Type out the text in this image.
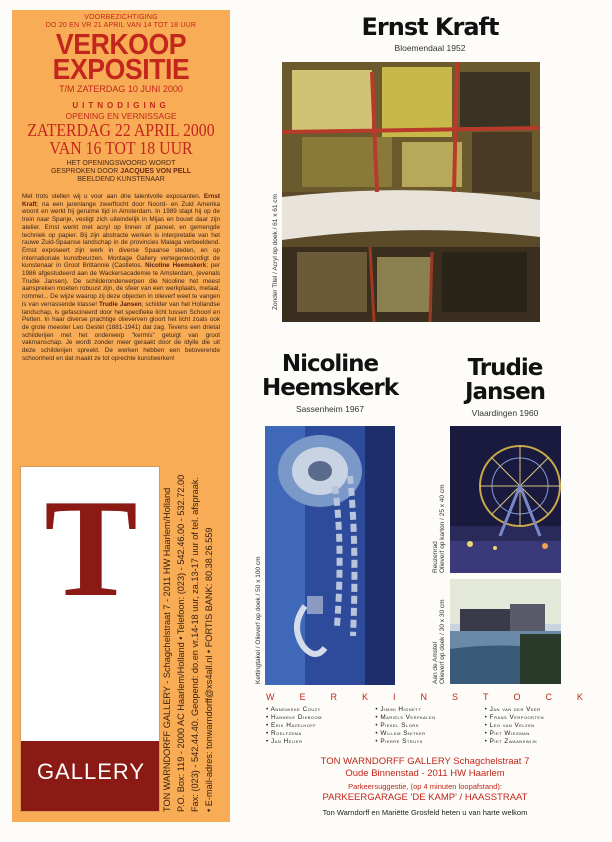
VOORBEZICHTIGING
DO 20 EN VR 21 APRIL VAN 14 TOT 18 UUR
VERKOOP
EXPOSITIE
T/M ZATERDAG 10 JUNI 2000
UITNODIGING
OPENING EN VERNISSAGE
ZATERDAG 22 APRIL 2000
VAN 16 TOT 18 UUR
HET OPENINGSWOORD WORDT
GESPROKEN DOOR JACQUES VON PELL
BEELDEND KUNSTENAAR
Met trots stellen wij u voor aan drie talentvolle exposanten. Ernst Kraft; na een jarenlange zwerftocht door Noord- en Zuid Amerika woont en werkt hij geruime tijd in Amsterdam. In 1989 stapt hij op de trein naar Spanje, vestigt zich uiteindelijk in Mijas en bouwt daar zijn atelier. Ernst werkt met acryl op linnen of paneel, en gemengde techniek op papier. Bij zijn abstracte werken is interpretatie van het rauwe Zuid-Spaanse landschap in de provincies Malaga verbeeldend. Ernst exposeert zijn werk in diverse Spaanse steden, en op internationale kunstbeurzen. Montage Gallery vertegenwoordigt de kunstenaar in Groot Brittannie (Castletos. Nicoline Heemskerk; per 1986 afgestudeerd aan de Wackersacademie te Amsterdam, (evenals Trudie Jansen). De schilderonderwerpen die Nicoline het meest aanspreken moeten robuust zijn, de sfeer van een werkplaats, metaal, rommel... De wijze waarop zij deze objecten in olieverf weet te vangen is van verrassende klasse! Trudie Jansen; schilder van het Hollandse landschap, is gefascineerd door het specifieke licht tussen Schoorl en Petten. In haar diverse prachtige olieverven gloort het licht zoals ook de grote meester Leo Gestel (1881-1941) dat zag. Tevens een drietal schilderijen met het onderwerp "kermis" getuigt van groot vakmanschap. Je wordt zonder meer geraakt door de idylle die uit deze schilderijen spreekt. De werken hebben een betoverende schoonheid en dat maakt ze tot oprechte kunstwerken!
T
GALLERY	TON WARNDORFF GALLERY - Schagchelstraat 7 - 2011 HW Haarlem/Holland P.O. Box: 119 - 2000 AC Haarlem/Holland • Telefoon: (023) - 542.46.00 - 532.72.00 Fax: (023) - 542.44.40. Geopend: do.en vr.14-18 uur, za.13-17 uur of tel. afspraak. • E-mail-adres: tonwarndorff@xs4all.nl • FORTIS BANK: 80.38.26.559
Ernst Kraft
Bloemendaal 1952
Zonder Titel / Acryl op doek / 61 x 61 cm
Nicoline
Heemskerk
Sassenheim 1967
Kettingtakel / Olieverf op doek / 50 x 100 cm
Trudie
Jansen
Vlaardingen 1960
Reuzenrad
Olieverf op karton / 25 x 40 cm
Aan de Amstel
Olieverf op doek / 30 x 30 cm
W	E	R	K	I	N	S	T	O	C	K
• Annemieke Couzy	• Jimini Hignett	• Jan van der Veer
• Hanneke Dikboom	• Mariëls Verpaalen	• Frans Verpoorten
• Erik Hazelhoff	• Piekel Slors	• Leo van Velzen
• Roelfzema	• Willem Snitker	• Piet Wiegman
• Jan Heijer	• Pierre Struys	• Piet Zwaanswijk
TON WARNDORFF GALLERY Schagchelstraat 7
Oude Binnenstad - 2011 HW Haarlem
Parkeersuggestie, (op 4 minuten loopafstand):
PARKEERGARAGE 'DE KAMP' / HAASSTRAAT
Ton Warndorff en Mariëtte Grosfeld heten u van harte welkom
